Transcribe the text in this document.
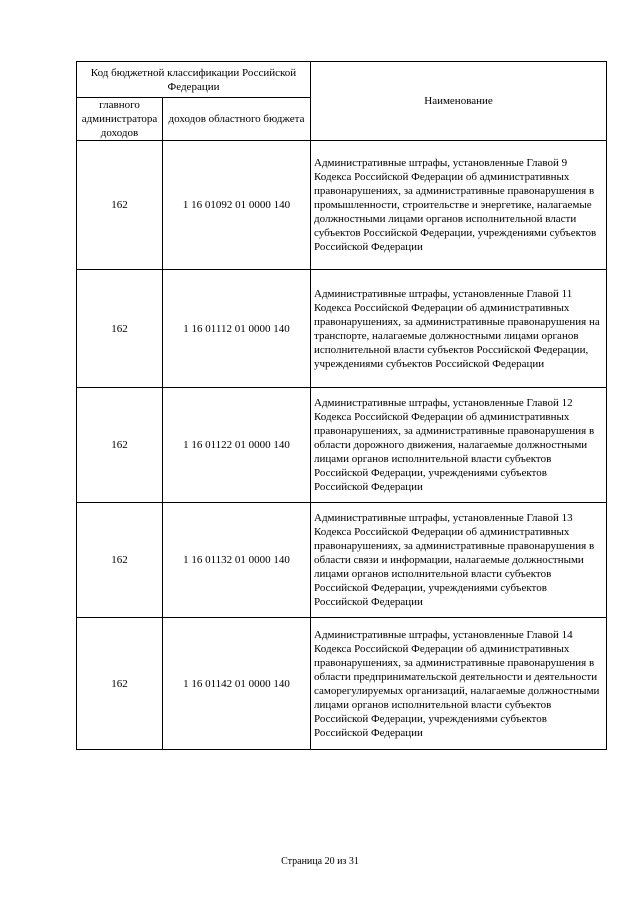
Код бюджетной классификации Российской Федерации		Наименование
главного администратора доходов	доходов областного бюджета	
162	1 16 01092 01 0000 140	Административные штрафы, установленные Главой 9 Кодекса Российской Федерации об административных правонарушениях, за административные правонарушения в промышленности, строительстве и энергетике, налагаемые должностными лицами органов исполнительной власти субъектов Российской Федерации, учреждениями субъектов Российской Федерации
162	1 16 01112 01 0000 140	Административные штрафы, установленные Главой 11 Кодекса Российской Федерации об административных правонарушениях, за административные правонарушения на транспорте, налагаемые должностными лицами органов исполнительной власти субъектов Российской Федерации, учреждениями субъектов Российской Федерации
162	1 16 01122 01 0000 140	Административные штрафы, установленные Главой 12 Кодекса Российской Федерации об административных правонарушениях, за административные правонарушения в области дорожного движения, налагаемые должностными лицами органов исполнительной власти субъектов Российской Федерации, учреждениями субъектов Российской Федерации
162	1 16 01132 01 0000 140	Административные штрафы, установленные Главой 13 Кодекса Российской Федерации об административных правонарушениях, за административные правонарушения в области связи и информации, налагаемые должностными лицами органов исполнительной власти субъектов Российской Федерации, учреждениями субъектов Российской Федерации
162	1 16 01142 01 0000 140	Административные штрафы, установленные Главой 14 Кодекса Российской Федерации об административных правонарушениях, за административные правонарушения в области предпринимательской деятельности и деятельности саморегулируемых организаций, налагаемые должностными лицами органов исполнительной власти субъектов Российской Федерации, учреждениями субъектов Российской Федерации
Страница 20 из 31
